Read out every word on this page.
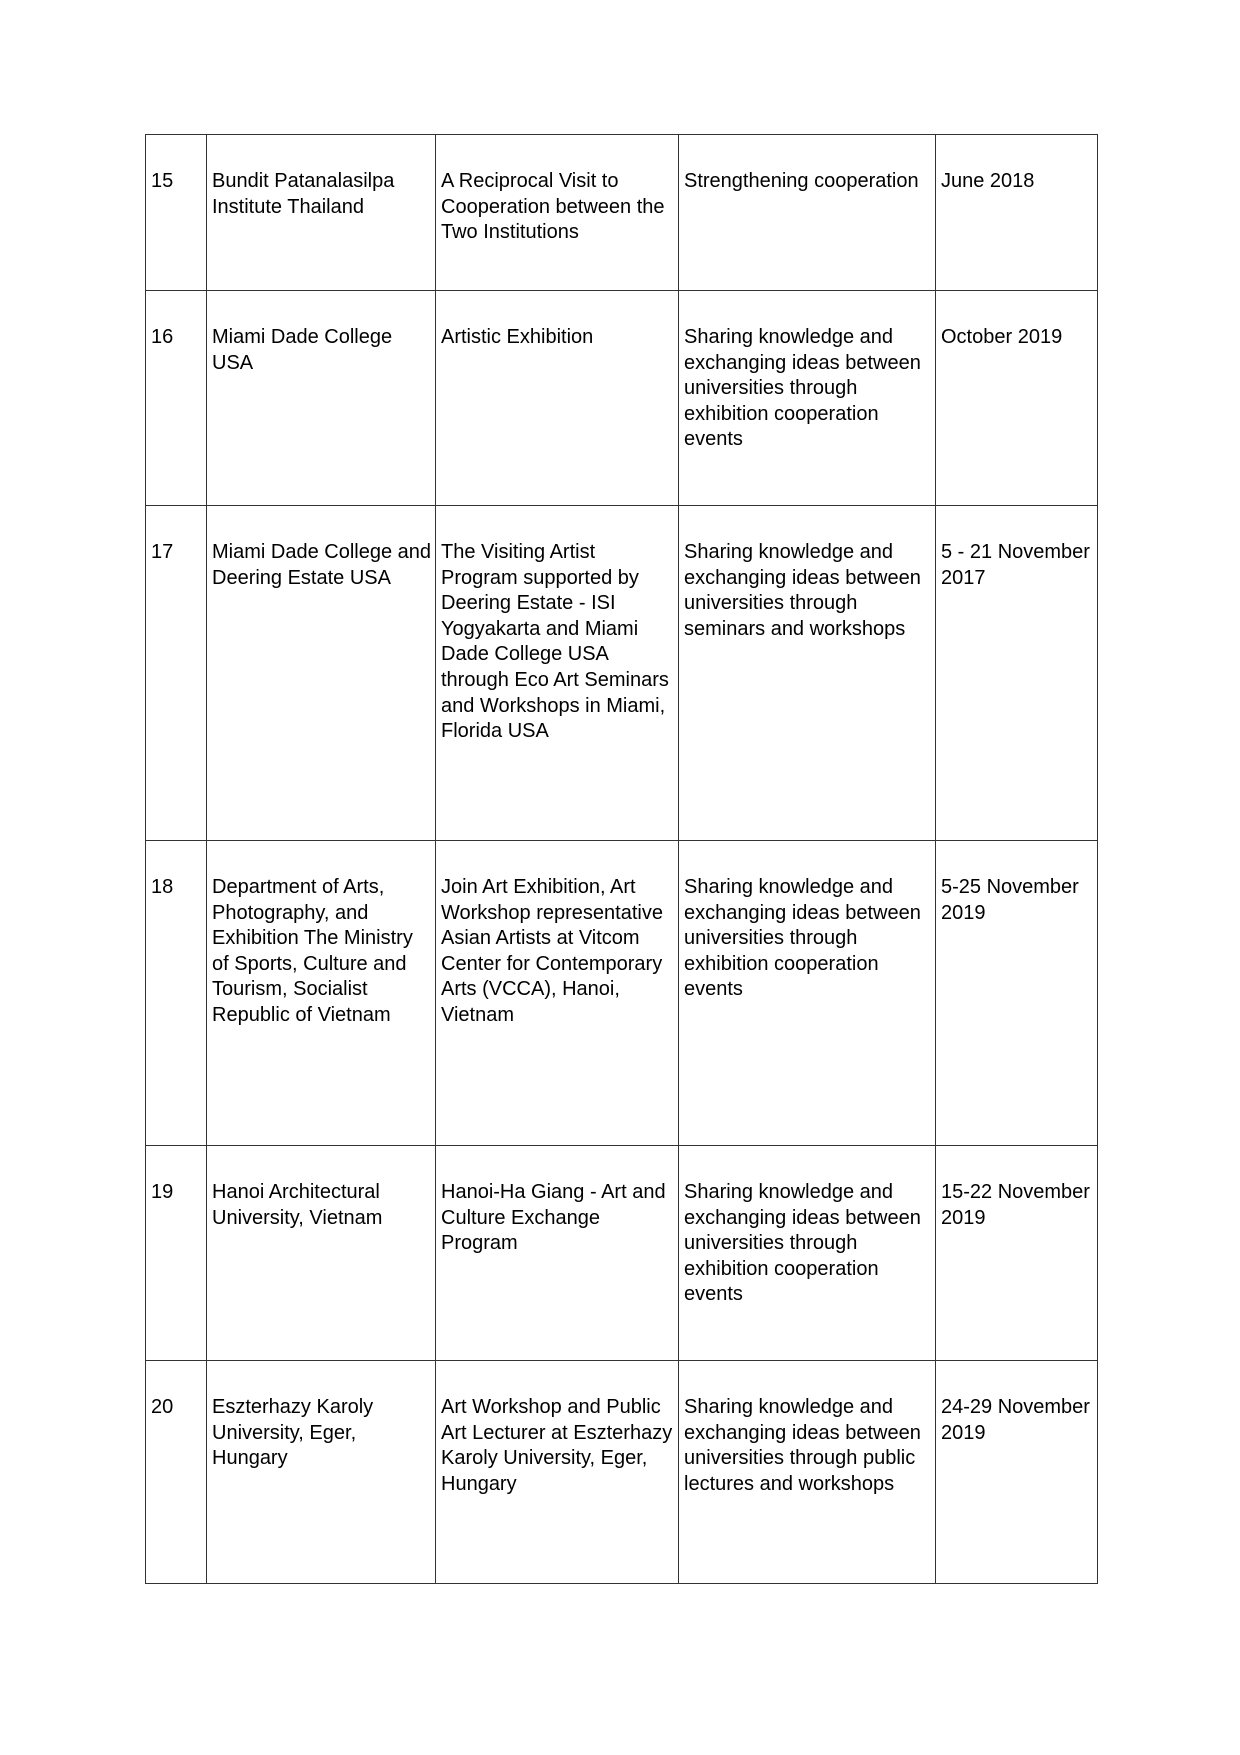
15	Bundit Patanalasilpa Institute Thailand	A Reciprocal Visit to Cooperation between the Two Institutions	Strengthening cooperation	June 2018
16	Miami Dade College USA	Artistic Exhibition	Sharing knowledge and exchanging ideas between universities through exhibition cooperation events	October 2019
17	Miami Dade College and Deering Estate USA	The Visiting Artist Program supported by Deering Estate - ISI Yogyakarta and Miami Dade College USA through Eco Art Seminars and Workshops in Miami, Florida USA	Sharing knowledge and exchanging ideas between universities through seminars and workshops	5 - 21 November 2017
18	Department of Arts, Photography, and Exhibition The Ministry of Sports, Culture and Tourism, Socialist Republic of Vietnam	Join Art Exhibition, Art Workshop representative Asian Artists at Vitcom Center for Contemporary Arts (VCCA), Hanoi, Vietnam	Sharing knowledge and exchanging ideas between universities through exhibition cooperation events	5-25 November 2019
19	Hanoi Architectural University, Vietnam	Hanoi-Ha Giang - Art and Culture Exchange Program	Sharing knowledge and exchanging ideas between universities through exhibition cooperation events	15-22 November 2019
20	Eszterhazy Karoly University, Eger, Hungary	Art Workshop and Public Art Lecturer at Eszterhazy Karoly University, Eger, Hungary	Sharing knowledge and exchanging ideas between universities through public lectures and workshops	24-29 November 2019
